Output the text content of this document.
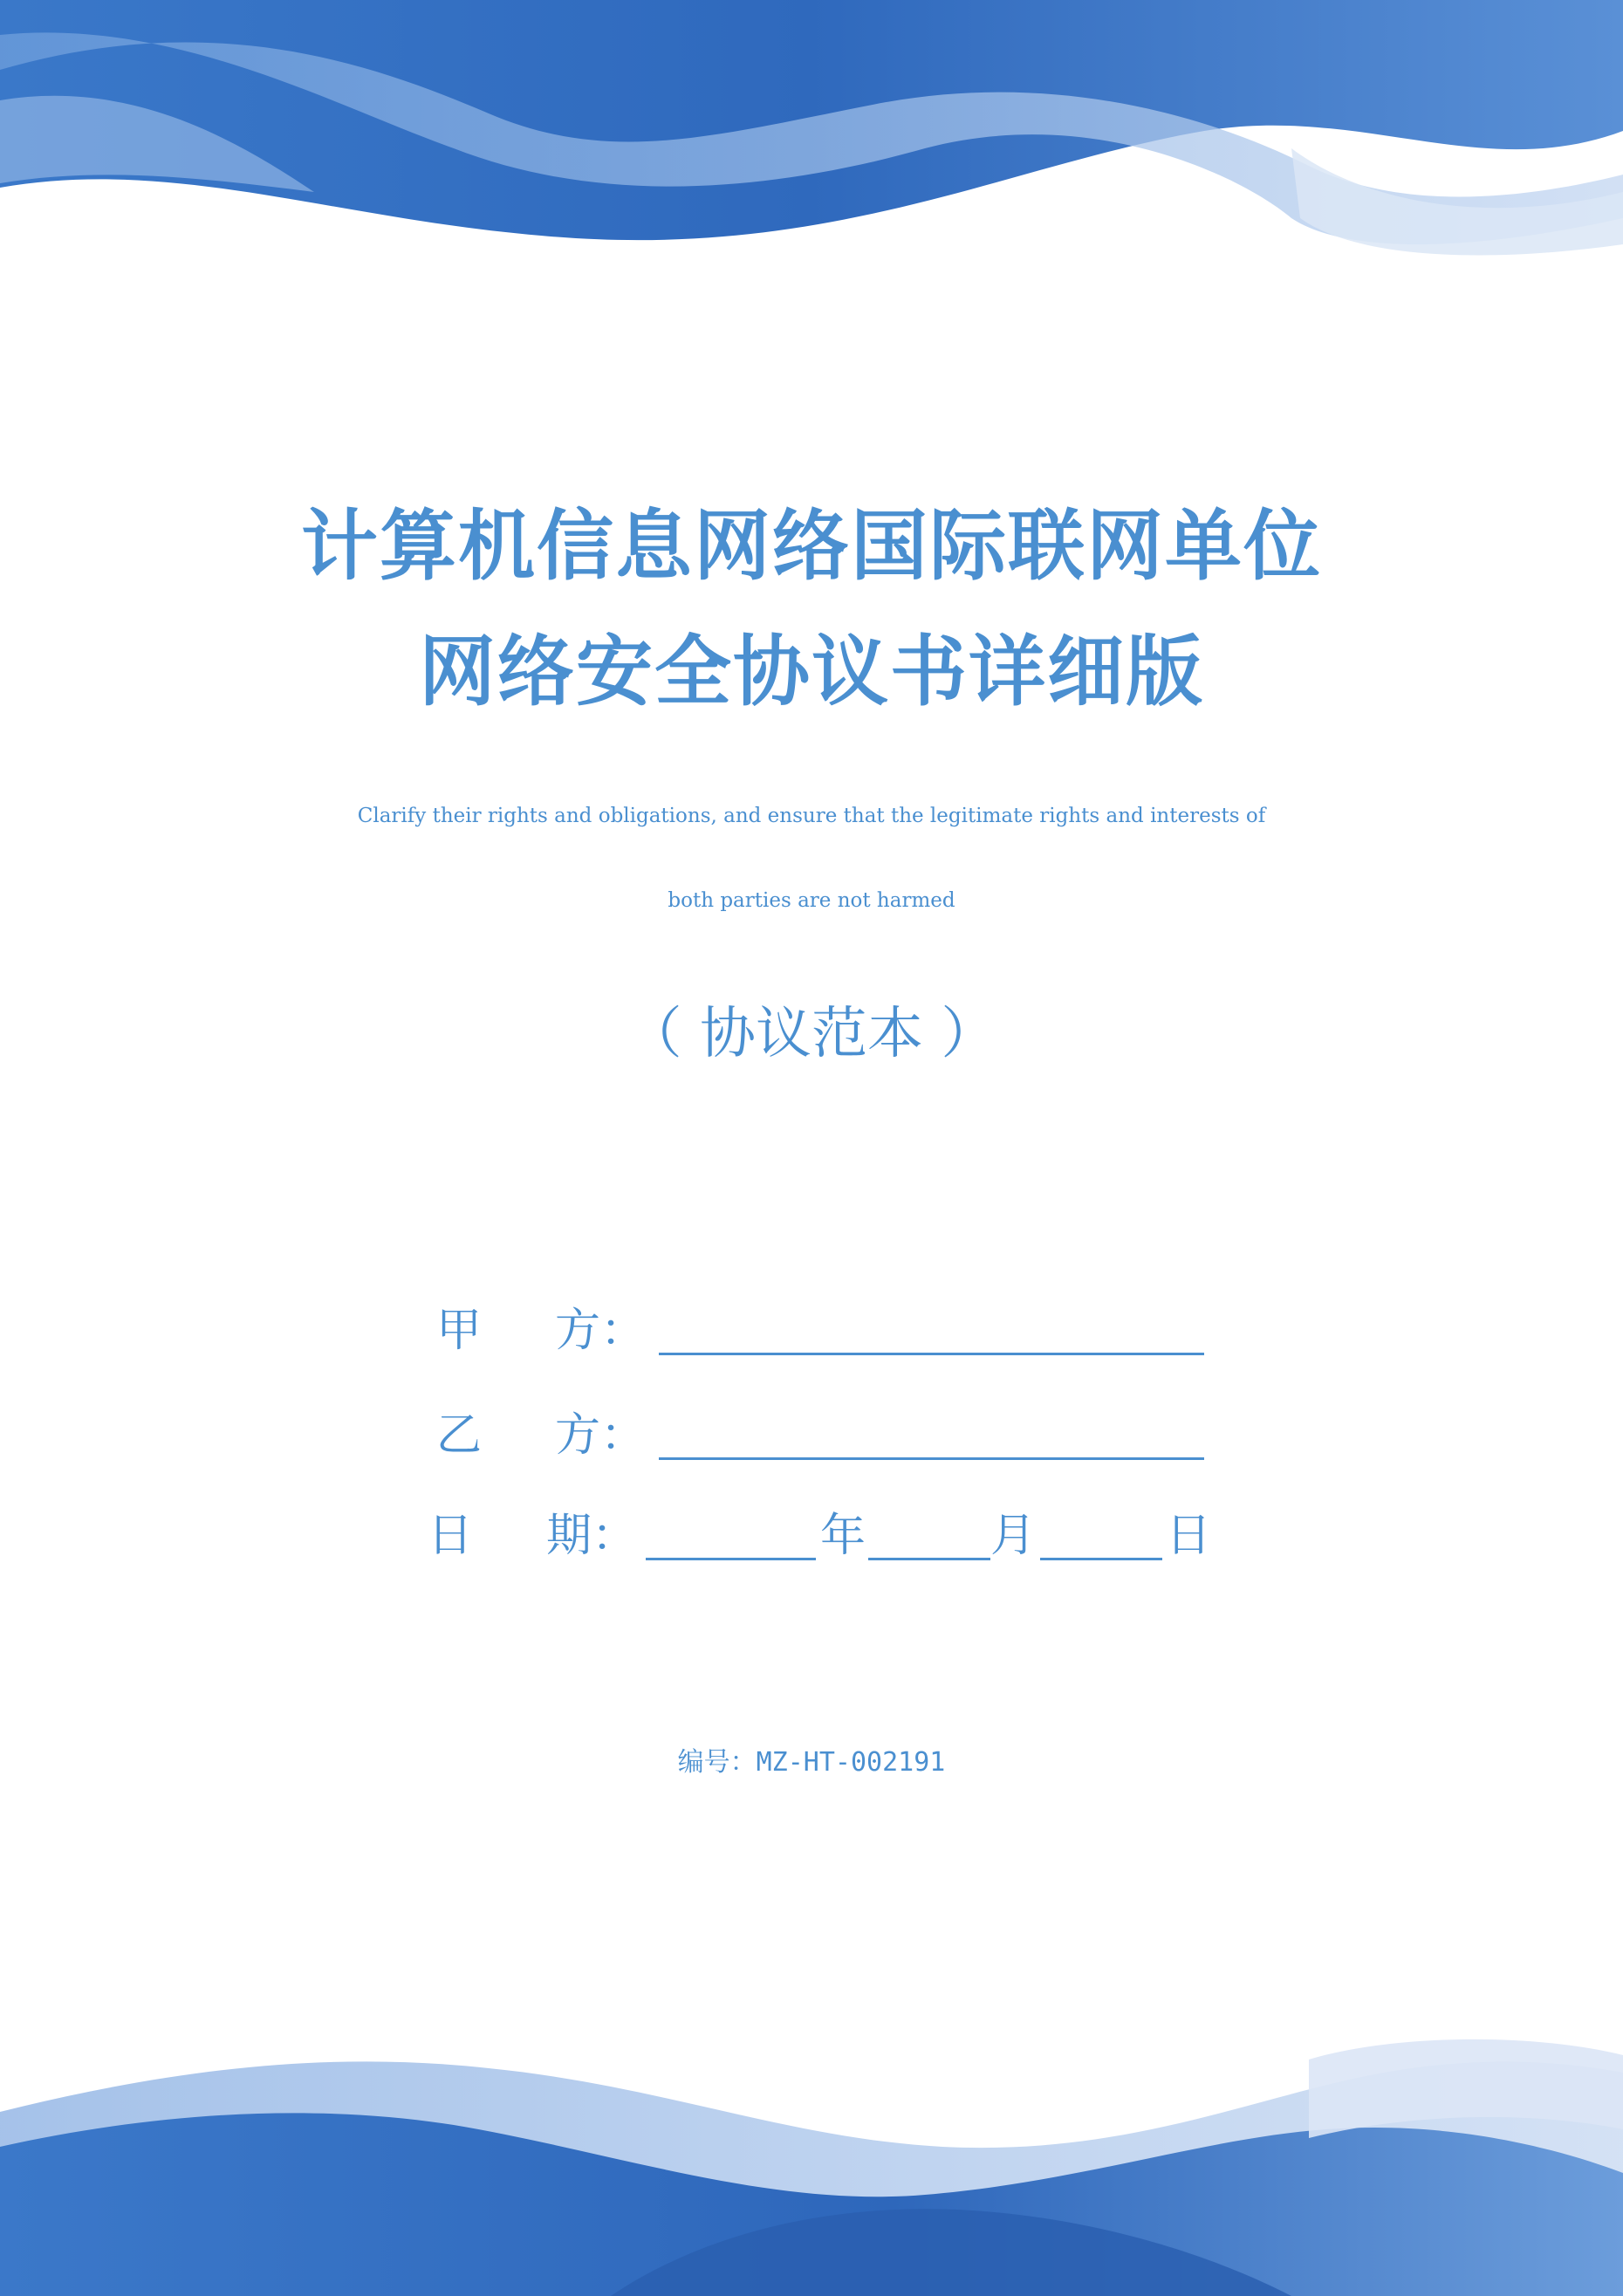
计算机信息网络国际联网单位
网络安全协议书详细版
Clarify their rights and obligations, and ensure that the legitimate rights and interests of
both parties are not harmed
（ 协议范本 ）
甲 方：
乙 方：
日 期：	年	月	日
编号：MZ-HT-002191
